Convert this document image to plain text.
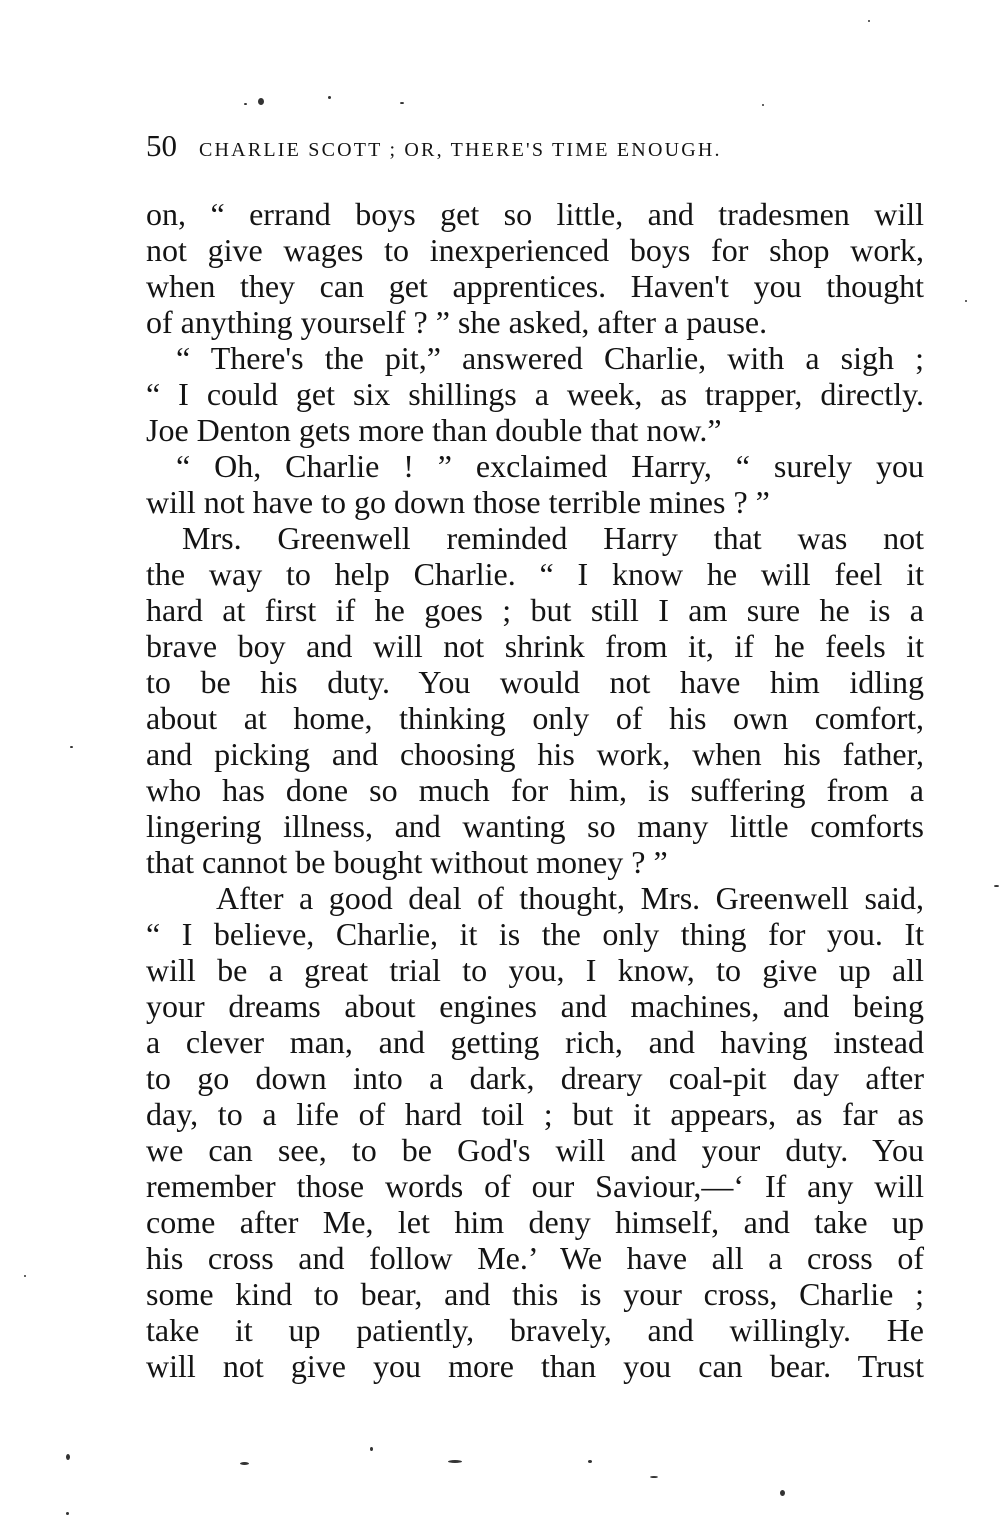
50 CHARLIE SCOTT ; OR, THERE'S TIME ENOUGH.
on, “ errand boys get so little, and tradesmen will
not give wages to inexperienced boys for shop work,
when they can get apprentices. Haven't you thought
of anything yourself ? ” she asked, after a pause.
“ There's the pit,” answered Charlie, with a sigh ;
“ I could get six shillings a week, as trapper, directly.
Joe Denton gets more than double that now.”
“ Oh, Charlie ! ” exclaimed Harry, “ surely you
will not have to go down those terrible mines ? ”
Mrs. Greenwell reminded Harry that was not
the way to help Charlie. “ I know he will feel it
hard at first if he goes ; but still I am sure he is a
brave boy and will not shrink from it, if he feels it
to be his duty. You would not have him idling
about at home, thinking only of his own comfort,
and picking and choosing his work, when his father,
who has done so much for him, is suffering from a
lingering illness, and wanting so many little comforts
that cannot be bought without money ? ”
After a good deal of thought, Mrs. Greenwell said,
“ I believe, Charlie, it is the only thing for you. It
will be a great trial to you, I know, to give up all
your dreams about engines and machines, and being
a clever man, and getting rich, and having instead
to go down into a dark, dreary coal-pit day after
day, to a life of hard toil ; but it appears, as far as
we can see, to be God's will and your duty. You
remember those words of our Saviour,—‘ If any will
come after Me, let him deny himself, and take up
his cross and follow Me.’ We have all a cross of
some kind to bear, and this is your cross, Charlie ;
take it up patiently, bravely, and willingly. He
will not give you more than you can bear. Trust
